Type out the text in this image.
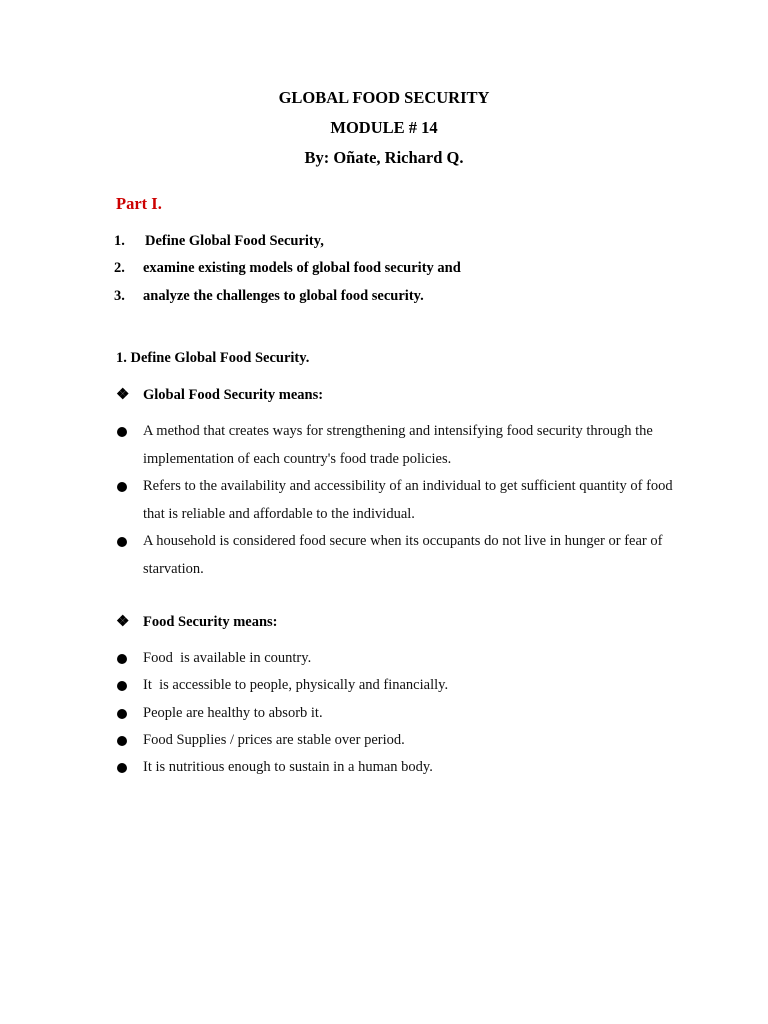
GLOBAL FOOD SECURITY
MODULE # 14
By: Oñate, Richard Q.
Part I.
1. Define Global Food Security,
2. examine existing models of global food security and
3. analyze the challenges to global food security.
1. Define Global Food Security.
❖ Global Food Security means:
A method that creates ways for strengthening and intensifying food security through the implementation of each country's food trade policies.
Refers to the availability and accessibility of an individual to get sufficient quantity of food that is reliable and affordable to the individual.
A household is considered food secure when its occupants do not live in hunger or fear of starvation.
❖ Food Security means:
Food  is available in country.
It  is accessible to people, physically and financially.
People are healthy to absorb it.
Food Supplies / prices are stable over period.
It is nutritious enough to sustain in a human body.
